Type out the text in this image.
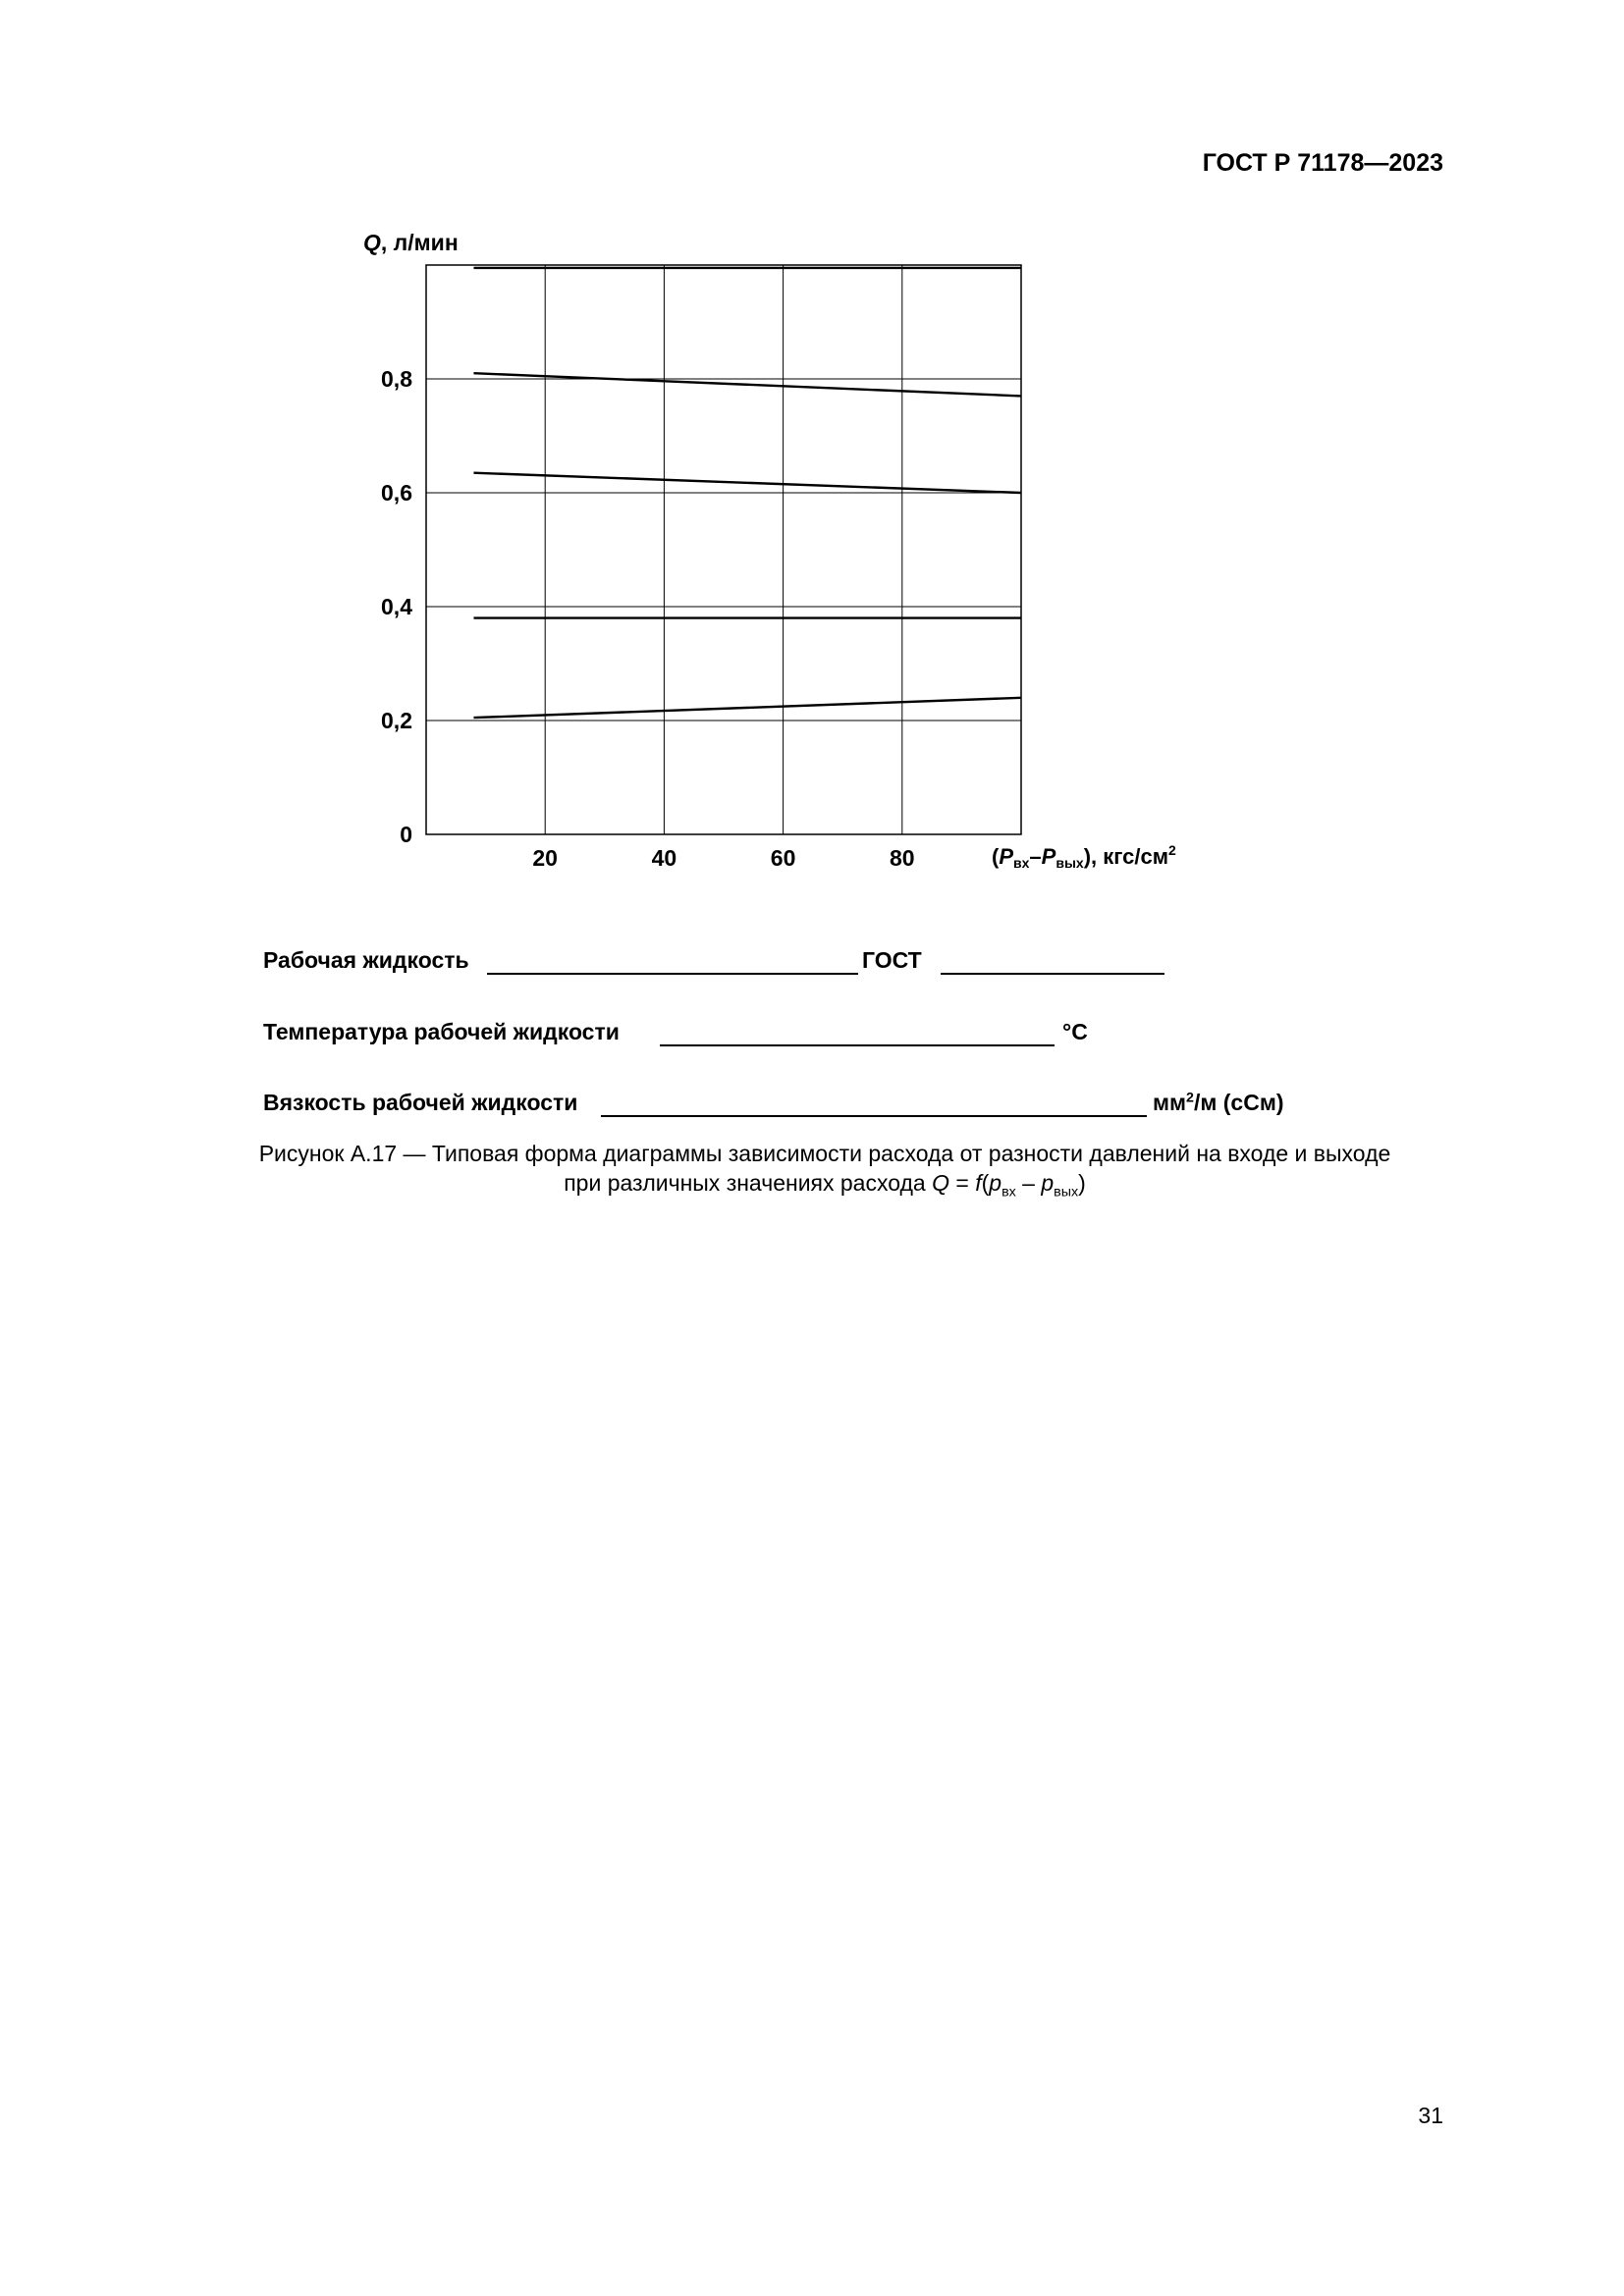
ГОСТ Р 71178—2023
20	40	60	80
0
0,2
0,4
0,6
0,8
Q, л/мин
(Pвх–Pвых), кгс/$см^2$
Рабочая жидкость	ГОСТ
Температура рабочей жидкости	°С
Вязкость рабочей жидкости	$мм^2/м$ (сСм)
Рисунок А.17 — Типовая форма диаграммы зависимости расхода от разности давлений на входе и выходе
при различных значениях расхода $Q = f(p_{вх} - p_{вых})$
31
